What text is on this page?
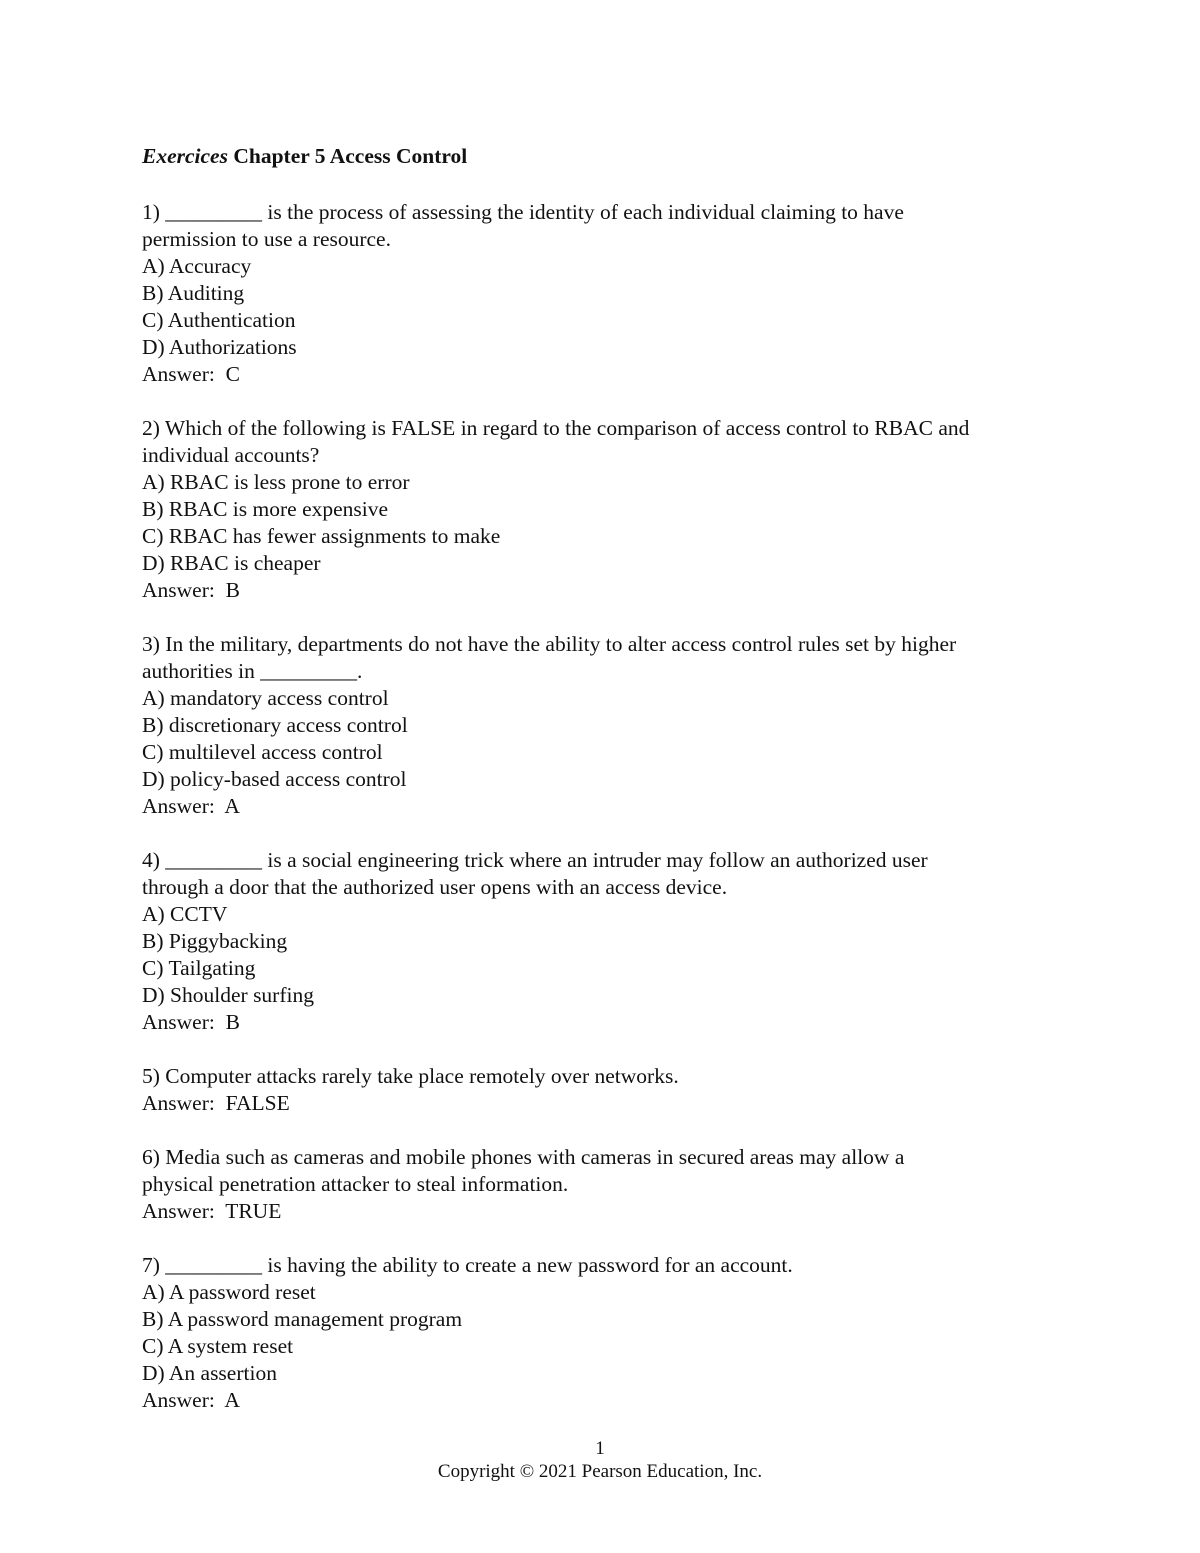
Exercices Chapter 5 Access Control
1) _________ is the process of assessing the identity of each individual claiming to have
permission to use a resource.
A) Accuracy
B) Auditing
C) Authentication
D) Authorizations
Answer:  C
2) Which of the following is FALSE in regard to the comparison of access control to RBAC and
individual accounts?
A) RBAC is less prone to error
B) RBAC is more expensive
C) RBAC has fewer assignments to make
D) RBAC is cheaper
Answer:  B
3) In the military, departments do not have the ability to alter access control rules set by higher
authorities in _________.
A) mandatory access control
B) discretionary access control
C) multilevel access control
D) policy-based access control
Answer:  A
4) _________ is a social engineering trick where an intruder may follow an authorized user
through a door that the authorized user opens with an access device.
A) CCTV
B) Piggybacking
C) Tailgating
D) Shoulder surfing
Answer:  B
5) Computer attacks rarely take place remotely over networks.
Answer:  FALSE
6) Media such as cameras and mobile phones with cameras in secured areas may allow a
physical penetration attacker to steal information.
Answer:  TRUE
7) _________ is having the ability to create a new password for an account.
A) A password reset
B) A password management program
C) A system reset
D) An assertion
Answer:  A
1
Copyright © 2021 Pearson Education, Inc.
